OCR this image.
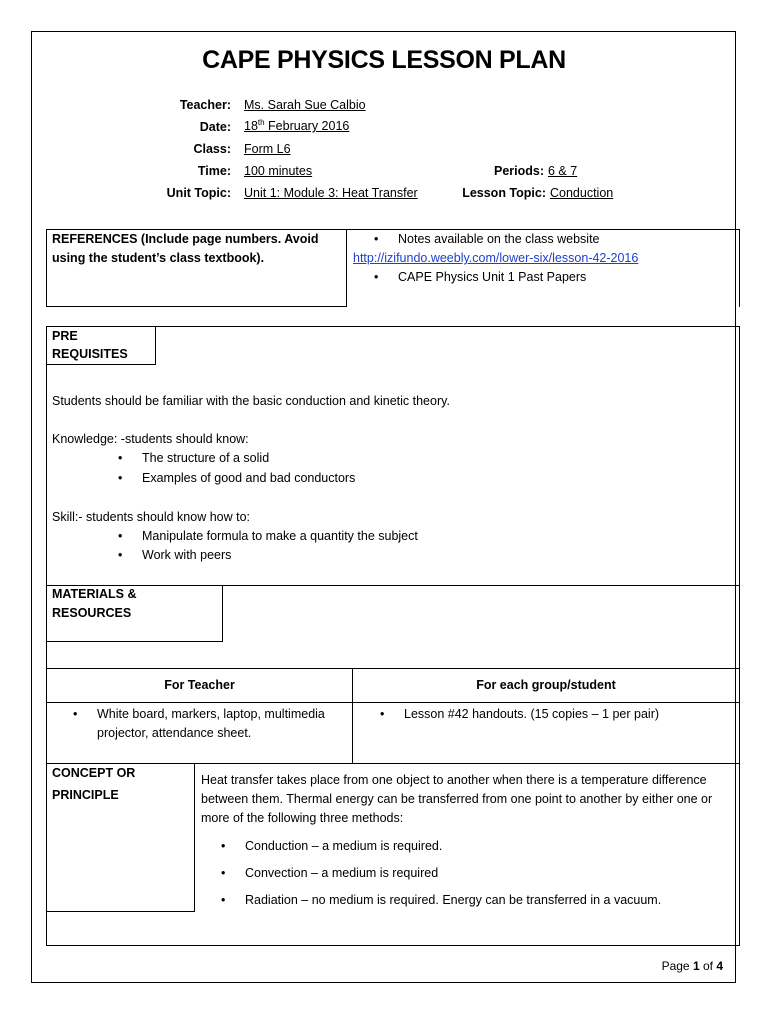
CAPE PHYSICS LESSON PLAN
Teacher: Ms. Sarah Sue Calbio
Date: 18th February 2016
Class: Form L6
Time: 100 minutes	Periods: 6 & 7
Unit Topic: Unit 1: Module 3: Heat Transfer	Lesson Topic: Conduction
REFERENCES (Include page numbers. Avoid using the student’s class textbook).
• Notes available on the class website
http://izifundo.weebly.com/lower-six/lesson-42-2016
• CAPE Physics Unit 1 Past Papers
PRE
REQUISITES
Students should be familiar with the basic conduction and kinetic theory.
Knowledge: -students should know:
• The structure of a solid
• Examples of good and bad conductors
Skill:- students should know how to:
• Manipulate formula to make a quantity the subject
• Work with peers
MATERIALS &
RESOURCES
For Teacher	For each group/student
• White board, markers, laptop, multimedia projector, attendance sheet.
• Lesson #42 handouts. (15 copies – 1 per pair)
CONCEPT OR
PRINCIPLE
Heat transfer takes place from one object to another when there is a temperature difference between them. Thermal energy can be transferred from one point to another by either one or more of the following three methods:
• Conduction – a medium is required.
• Convection – a medium is required
• Radiation – no medium is required. Energy can be transferred in a vacuum.
Page 1 of 4
